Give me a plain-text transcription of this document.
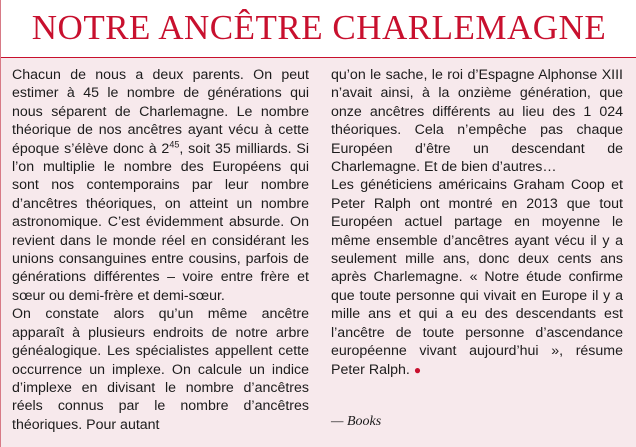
NOTRE ANCÊTRE CHARLEMAGNE

Chacun de nous a deux parents. On peut estimer à 45 le nombre de générations qui nous séparent de Charlemagne. Le nombre théorique de nos ancêtres ayant vécu à cette époque s’élève donc à $2^{45}$, soit 35 milliards. Si l’on multiplie le nombre des Européens qui sont nos contemporains par leur nombre d’ancêtres théoriques, on atteint un nombre astronomique. C’est évidemment absurde. On revient dans le monde réel en considérant les unions consanguines entre cousins, parfois de générations différentes – voire entre frère et sœur ou demi-frère et demi-sœur.

On constate alors qu’un même ancêtre apparaît à plusieurs endroits de notre arbre généalogique. Les spécialistes appellent cette occurrence un implexe. On calcule un indice d’implexe en divisant le nombre d’ancêtres réels connus par le nombre d’ancêtres théoriques. Pour autant

qu’on le sache, le roi d’Espagne Alphonse XIII n’avait ainsi, à la onzième génération, que onze ancêtres différents au lieu des 1 024 théoriques. Cela n’empêche pas chaque Européen d’être un descendant de Charlemagne. Et de bien d’autres…

Les généticiens américains Graham Coop et Peter Ralph ont montré en 2013 que tout Européen actuel partage en moyenne le même ensemble d’ancêtres ayant vécu il y a seulement mille ans, donc deux cents ans après Charlemagne. « Notre étude confirme que toute personne qui vivait en Europe il y a mille ans et qui a eu des descendants est l’ancêtre de toute personne d’ascendance européenne vivant aujourd’hui », résume Peter Ralph. ●

— Books
